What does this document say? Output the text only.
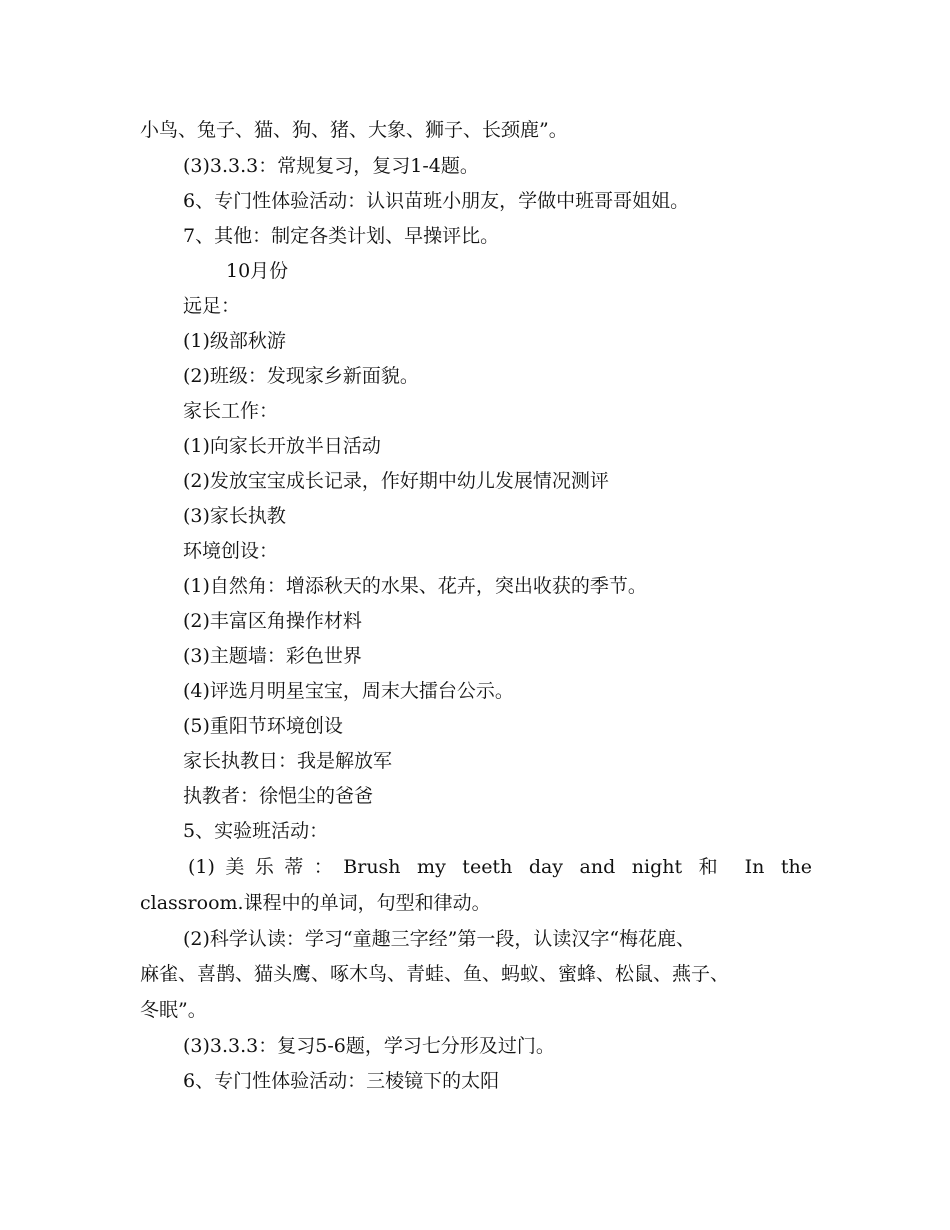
小鸟、兔子、猫、狗、猪、大象、狮子、长颈鹿”。
(3)3.3.3：常规复习，复习1-4题。
6、专门性体验活动：认识苗班小朋友，学做中班哥哥姐姐。
7、其他：制定各类计划、早操评比。
10月份
远足：
(1)级部秋游
(2)班级：发现家乡新面貌。
家长工作：
(1)向家长开放半日活动
(2)发放宝宝成长记录，作好期中幼儿发展情况测评
(3)家长执教
环境创设：
(1)自然角：增添秋天的水果、花卉，突出收获的季节。
(2)丰富区角操作材料
(3)主题墙：彩色世界
(4)评选月明星宝宝，周末大擂台公示。
(5)重阳节环境创设
家长执教日：我是解放军
执教者：徐悒尘的爸爸
5、实验班活动：
(1)美乐蒂：Brush my teeth day and night 和 In the
classroom.课程中的单词，句型和律动。
(2)科学认读：学习“童趣三字经”第一段，认读汉字“梅花鹿、
麻雀、喜鹊、猫头鹰、啄木鸟、青蛙、鱼、蚂蚁、蜜蜂、松鼠、燕子、
冬眠”。
(3)3.3.3：复习5-6题，学习七分形及过门。
6、专门性体验活动：三棱镜下的太阳
